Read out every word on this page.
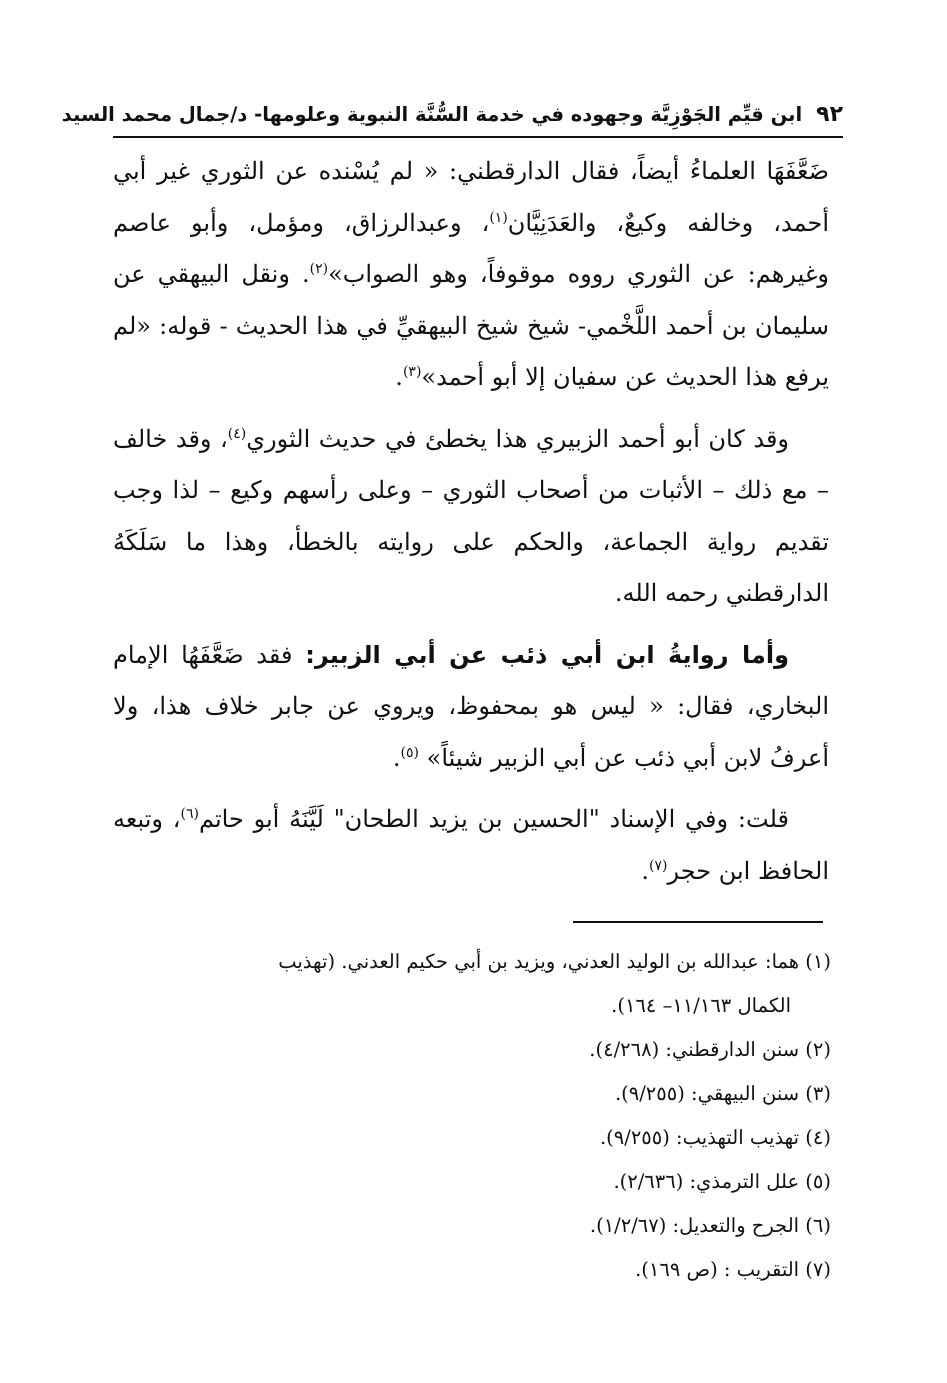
٩٢
ابن قيِّم الجَوْزِيَّة وجهوده في خدمة السُّنَّة النبوية وعلومها- د/جمال محمد السيد

ضَعَّفَهَا العلماءُ أيضاً، فقال الدارقطني: « لم يُسْنده عن الثوري غير أبي أحمد، وخالفه وكيعٌ، والعَدَنِيَّان$^{(١)}$، وعبدالرزاق، ومؤمل، وأبو عاصم وغيرهم: عن الثوري رووه موقوفاً، وهو الصواب»$^{(٢)}$. ونقل البيهقي عن سليمان بن أحمد اللَّخْمي- شيخ شيخ البيهقيِّ في هذا الحديث - قوله: «لم يرفع هذا الحديث عن سفيان إلا أبو أحمد»$^{(٣)}$.

وقد كان أبو أحمد الزبيري هذا يخطئ في حديث الثوري$^{(٤)}$، وقد خالف – مع ذلك – الأثبات من أصحاب الثوري – وعلى رأسهم وكيع – لذا وجب تقديم رواية الجماعة، والحكم على روايته بالخطأ، وهذا ما سَلَكَهُ الدارقطني رحمه الله.

وأما روايةُ ابن أبي ذئب عن أبي الزبير: فقد ضَعَّفَهُا الإمام البخاري، فقال: « ليس هو بمحفوظ، ويروي عن جابر خلاف هذا، ولا أعرفُ لابن أبي ذئب عن أبي الزبير شيئاً» $^{(٥)}$.

قلت: وفي الإسناد "الحسين بن يزيد الطحان" لَيَّنَهُ أبو حاتم$^{(٦)}$، وتبعه الحافظ ابن حجر$^{(٧)}$.

(١) هما: عبدالله بن الوليد العدني، ويزيد بن أبي حكيم العدني. (تهذيب

الكمال ١١/١٦٣– ١٦٤).

(٢) سنن الدارقطني: (٤/٢٦٨).

(٣) سنن البيهقي: (٩/٢٥٥).

(٤) تهذيب التهذيب: (٩/٢٥٥).

(٥) علل الترمذي: (٢/٦٣٦).

(٦) الجرح والتعديل: (١/٢/٦٧).

(٧) التقريب : (ص ١٦٩).
